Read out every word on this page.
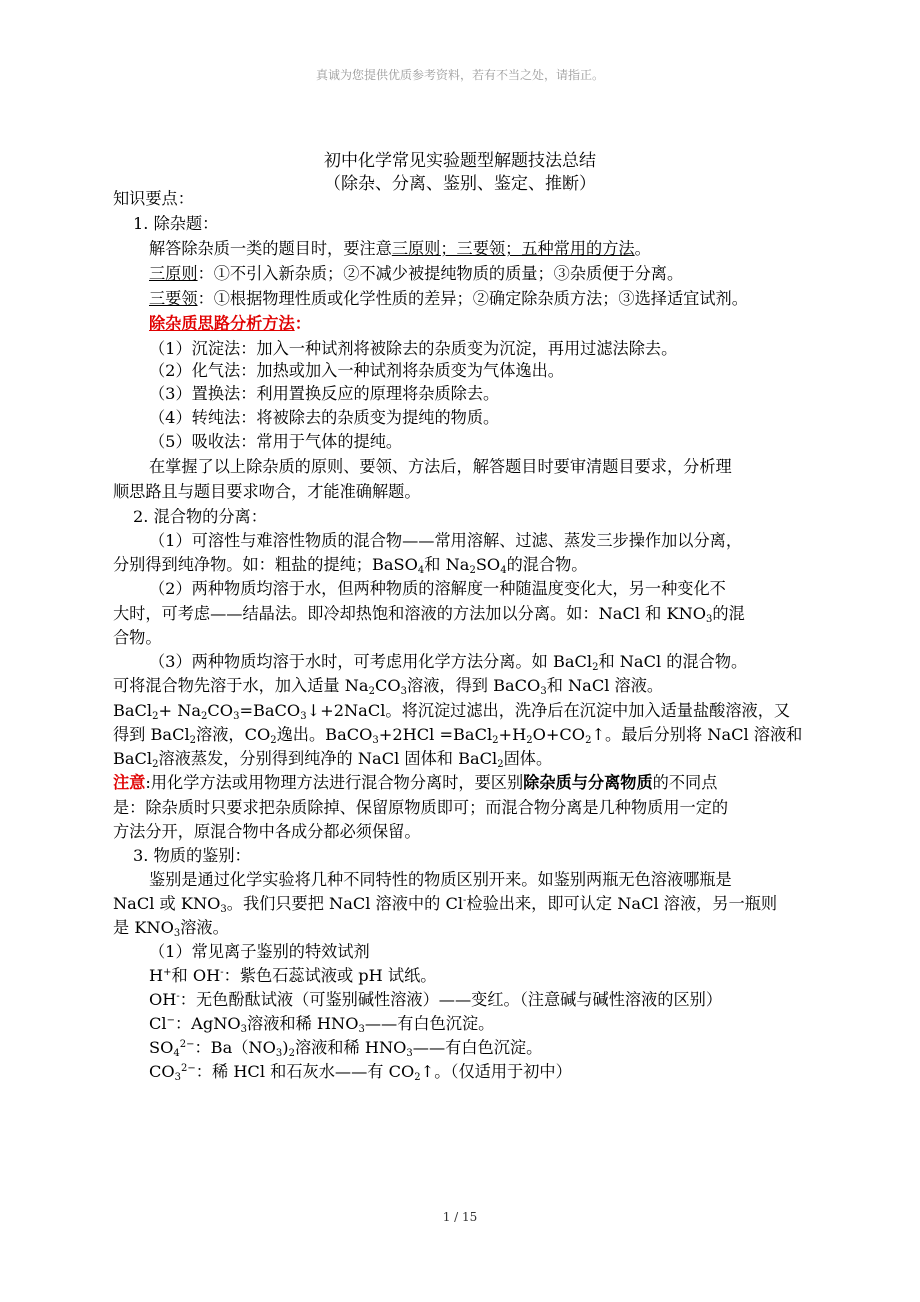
真诚为您提供优质参考资料，若有不当之处，请指正。
初中化学常见实验题型解题技法总结
（除杂、分离、鉴别、鉴定、推断）
知识要点：
1. 除杂题：
解答除杂质一类的题目时，要注意三原则；三要领；五种常用的方法。
三原则：①不引入新杂质；②不减少被提纯物质的质量；③杂质便于分离。
三要领：①根据物理性质或化学性质的差异；②确定除杂质方法；③选择适宜试剂。
除杂质思路分析方法：
（1）沉淀法：加入一种试剂将被除去的杂质变为沉淀，再用过滤法除去。
（2）化气法：加热或加入一种试剂将杂质变为气体逸出。
（3）置换法：利用置换反应的原理将杂质除去。
（4）转纯法：将被除去的杂质变为提纯的物质。
（5）吸收法：常用于气体的提纯。
在掌握了以上除杂质的原则、要领、方法后，解答题目时要审清题目要求，分析理
顺思路且与题目要求吻合，才能准确解题。
2. 混合物的分离：
（1）可溶性与难溶性物质的混合物——常用溶解、过滤、蒸发三步操作加以分离，
分别得到纯净物。如：粗盐的提纯；BaSO$_4$和 $Na_2SO_4$的混合物。
（2）两种物质均溶于水，但两种物质的溶解度一种随温度变化大，另一种变化不
大时，可考虑——结晶法。即冷却热饱和溶液的方法加以分离。如：NaCl 和 $KNO_3$的混
合物。
（3）两种物质均溶于水时，可考虑用化学方法分离。如 BaCl$_2$和 NaCl 的混合物。
可将混合物先溶于水，加入适量 $Na_2CO_3$溶液，得到 BaCO$_3$和 NaCl 溶液。
BaCl$_2$+ $Na_2CO_3=BaCO_3↓+2NaCl$。将沉淀过滤出，洗净后在沉淀中加入适量盐酸溶液，又
得到 BaCl$_2$溶液，$CO_2$逸出。BaCO$_3$+2HCl $=BaCl_2+H_2O+CO_2↑$。最后分别将 NaCl 溶液和
BaCl$_2$溶液蒸发，分别得到纯净的 NaCl 固体和 BaCl$_2$固体。
注意:用化学方法或用物理方法进行混合物分离时，要区别除杂质与分离物质的不同点
是：除杂质时只要求把杂质除掉、保留原物质即可；而混合物分离是几种物质用一定的
方法分开，原混合物中各成分都必须保留。
3. 物质的鉴别：
鉴别是通过化学实验将几种不同特性的物质区别开来。如鉴别两瓶无色溶液哪瓶是
NaCl 或 $KNO_3$。我们只要把 NaCl 溶液中的 Cl-检验出来，即可认定 NaCl 溶液，另一瓶则
是 $KNO_3$溶液。
（1）常见离子鉴别的特效试剂
H+和 OH-：紫色石蕊试液或 pH 试纸。
OH-：无色酚酞试液（可鉴别碱性溶液）——变红。（注意碱与碱性溶液的区别）
Cl−：AgNO$_3$溶液和稀 $HNO_3——$有白色沉淀。
$SO_4^{2-}$：$Ba(NO_3)_2$溶液和稀 $HNO_3——$有白色沉淀。
$CO_3^{2-}$：稀 HCl 和石灰水——有 $CO_2↑$。（仅适用于初中）
1 / 15
